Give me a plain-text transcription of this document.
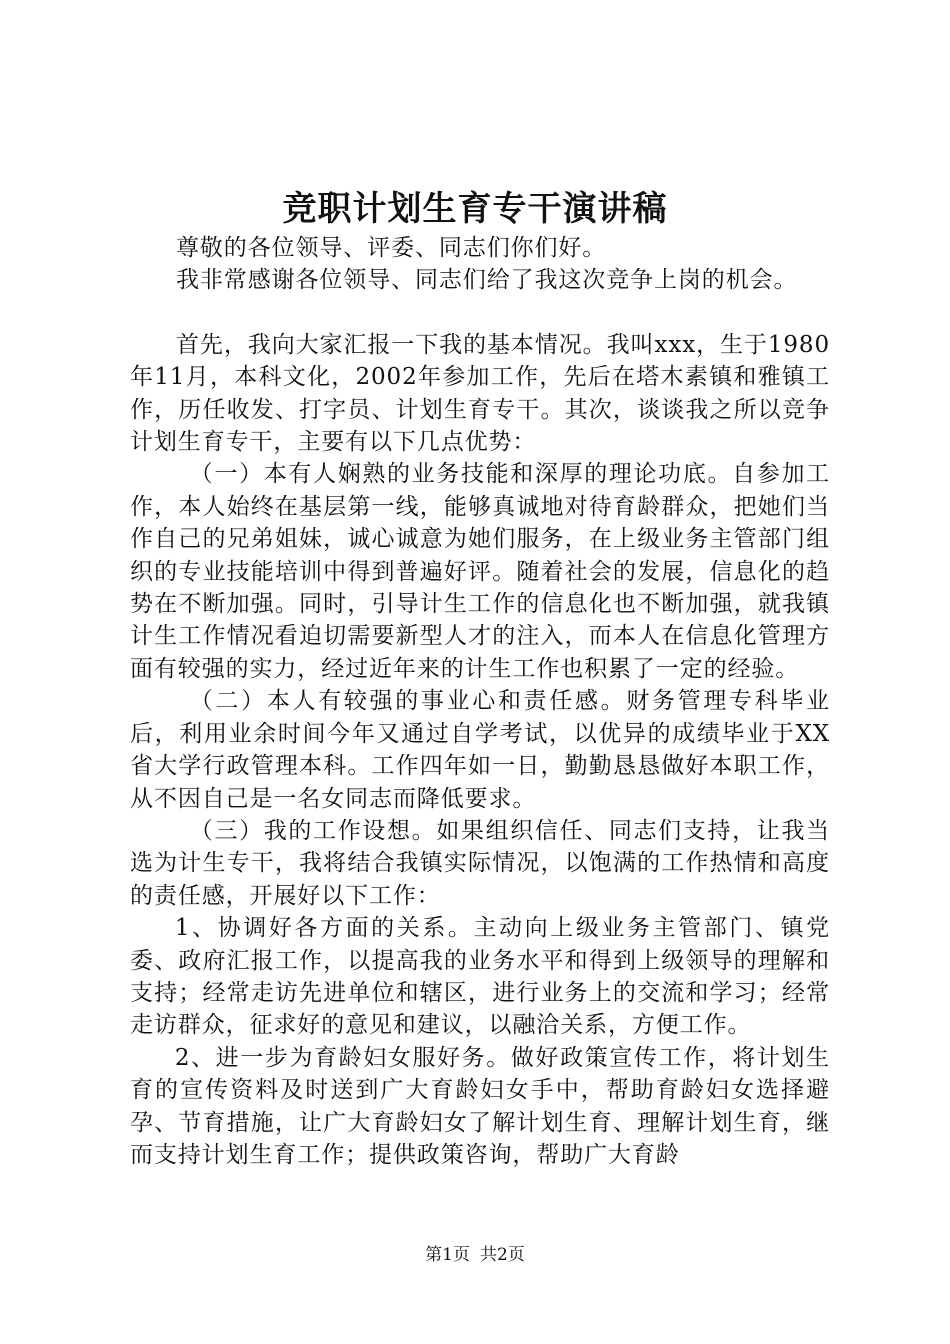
竞职计划生育专干演讲稿

尊敬的各位领导、评委、同志们你们好。

我非常感谢各位领导、同志们给了我这次竞争上岗的机会。

首先，我向大家汇报一下我的基本情况。我叫xxx，生于1980年11月，本科文化，2002年参加工作，先后在塔木素镇和雅镇工作，历任收发、打字员、计划生育专干。其次，谈谈我之所以竞争计划生育专干，主要有以下几点优势：

（一）本有人娴熟的业务技能和深厚的理论功底。自参加工作，本人始终在基层第一线，能够真诚地对待育龄群众，把她们当作自己的兄弟姐妹，诚心诚意为她们服务，在上级业务主管部门组织的专业技能培训中得到普遍好评。随着社会的发展，信息化的趋势在不断加强。同时，引导计生工作的信息化也不断加强，就我镇计生工作情况看迫切需要新型人才的注入，而本人在信息化管理方面有较强的实力，经过近年来的计生工作也积累了一定的经验。

（二）本人有较强的事业心和责任感。财务管理专科毕业后，利用业余时间今年又通过自学考试，以优异的成绩毕业于XX省大学行政管理本科。工作四年如一日，勤勤恳恳做好本职工作，从不因自己是一名女同志而降低要求。

（三）我的工作设想。如果组织信任、同志们支持，让我当选为计生专干，我将结合我镇实际情况，以饱满的工作热情和高度的责任感，开展好以下工作：

1、协调好各方面的关系。主动向上级业务主管部门、镇党委、政府汇报工作，以提高我的业务水平和得到上级领导的理解和支持；经常走访先进单位和辖区，进行业务上的交流和学习；经常走访群众，征求好的意见和建议，以融洽关系，方便工作。

2、进一步为育龄妇女服好务。做好政策宣传工作，将计划生育的宣传资料及时送到广大育龄妇女手中，帮助育龄妇女选择避孕、节育措施，让广大育龄妇女了解计划生育、理解计划生育，继而支持计划生育工作；提供政策咨询，帮助广大育龄

第1页 共2页
